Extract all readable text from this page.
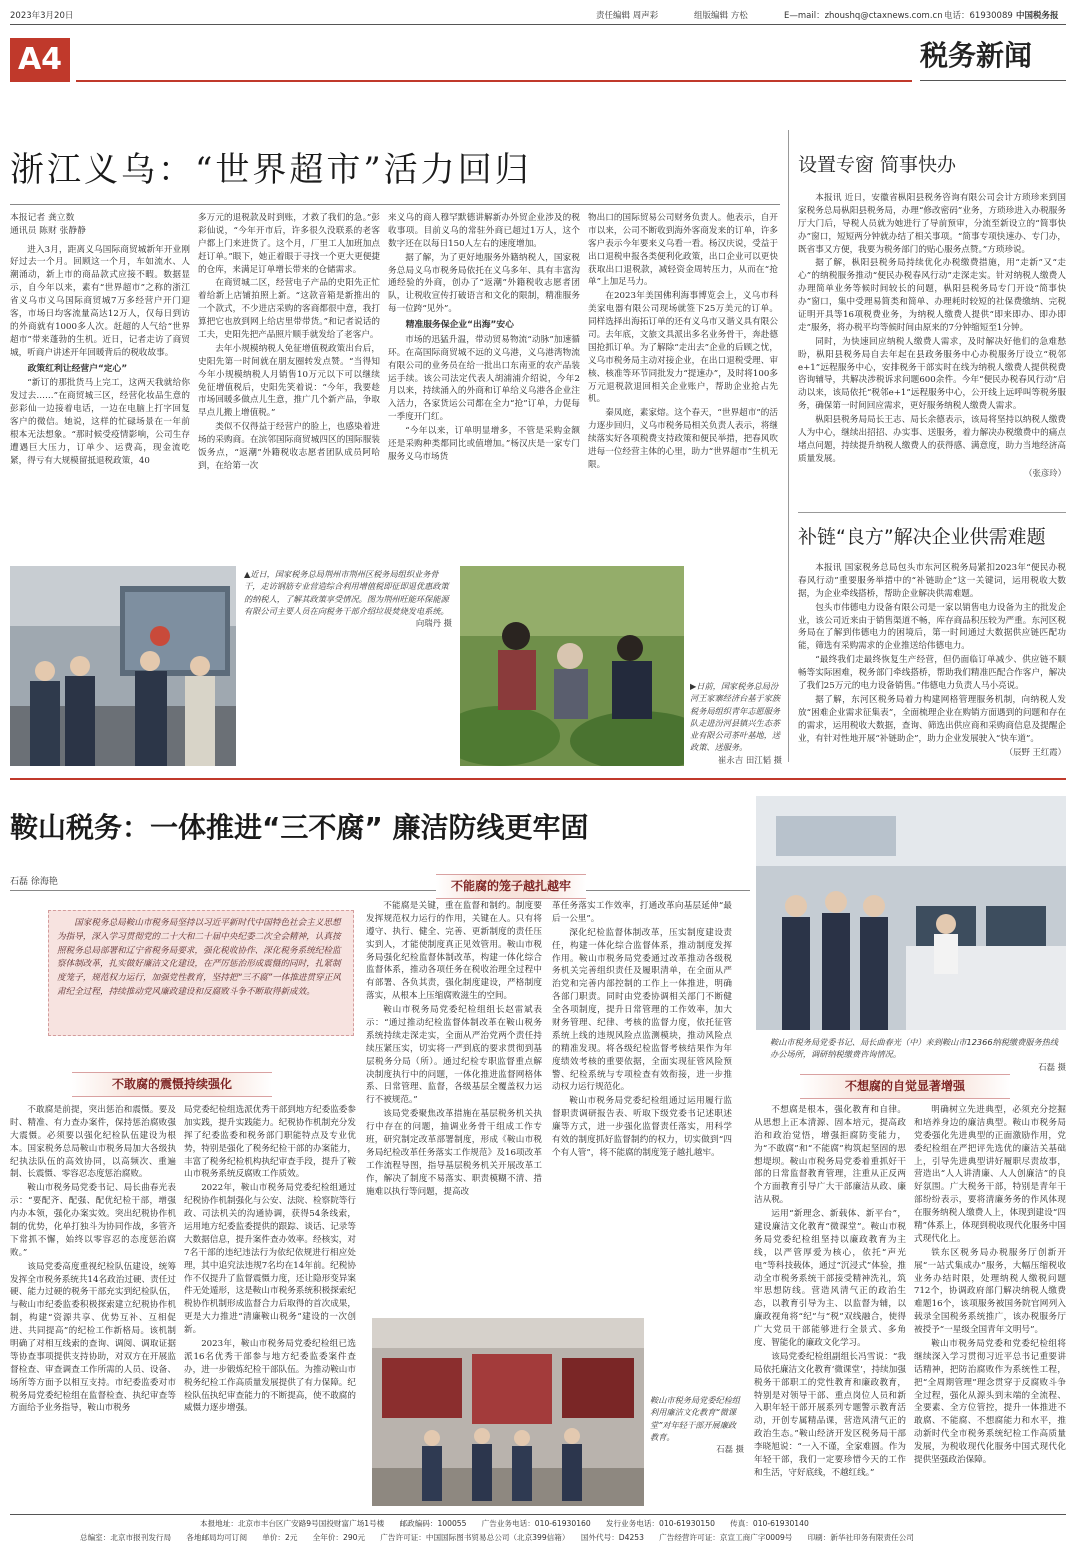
2023年3月20日	责任编辑 周声彩	组版编辑 方松	E—mail：zhoushq@ctaxnews.com.cn 电话：61930089 中国税务报
A4	税务新闻
浙江义乌：“世界超市”活力回归
本报记者 龚立数
通讯员 陈财 张静静

进入3月，距离义乌国际商贸城新年开业刚好过去一个月。回顾这一个月，车如流水、人潮涌动，新上市的商品款式应接不暇。数据显示，自今年以来，素有“世界超市”之称的浙江省义乌市义乌国际商贸城7万多经营户开门迎客，市场日均客流量高达12万人，仅每日到访的外商就有1000多人次。赶超的人气给“世界超市”带来蓬勃的生机。近日，记者走访了商贸城，听商户讲述开年回暖背后的税收故事。

政策红利让经营户“定心”

“新订的那批货马上完工，这两天我就给你发过去……”在商贸城三区，经营化妆品生意的彭彩仙一边接着电话，一边在电脑上打字回复客户的微信。她说，这样的忙碌场景在一年前根本无法想象。“那时候受疫情影响，公司生存遭遇巨大压力，订单少、运费高，现金流吃紧，得亏有大规模留抵退税政策，40

多万元的退税款及时到账，才救了我们的急。”彭彩仙说，“今年开市后，许多很久没联系的老客户都上门来进货了。这个月，厂里工人加班加点赶订单。”眼下，她正着眼于寻找一个更大更便捷的仓库，来满足订单增长带来的仓储需求。

在商贸城二区，经营电子产品的史阳先正忙着给新上店铺拍照上新。“这款音箱是新推出的一个款式，不少进店采购的客商都很中意，我打算把它也放到网上给店里带带货。”和记者说话的工夫，史阳先把产品照片顺手就发给了老客户。

去年小规模纳税人免征增值税政策出台后，史阳先第一时间就在朋友圈转发点赞。“当得知今年小规模纳税人月销售10万元以下可以继续免征增值税后，史阳先笑着说：“今年，我要趁市场回暖多做点儿生意，推广几个新产品，争取早点儿搬上增值税。”

类似不仅得益于经营户的脸上，也感染着进场的采购商。在滨邻国际商贸城四区的国际服装饭务点，“返潮”外籍税收志愿者团队成员阿哈到，在给第一次

来义乌的商人穆罕默德讲解新办外贸企业涉及的税收事项。目前义乌的常驻外商已超过1万人，这个数字还在以每日150人左右的速度增加。

据了解，为了更好地服务外籍纳税人，国家税务总局义乌市税务局依托在义乌多年、具有丰富沟通经验的外商，创办了“返潮”外籍税收志愿者团队，让税收宣传打破语言和文化的限制，精准服务每一位跨“见外”。

精准服务保企业“出海”安心

市场的迅猛升温，带动贸易物流“动脉”加速循环。在高国际商贸城不远的义乌港，义乌港湾物流有限公司的业务员在给一批出口东南亚的农产品装运手续。该公司法定代表人胡浦浦介绍说，今年2月以来，持续涌入的外商和订单给义乌港各企业注入活力，各家货运公司都在全力“抢”订单，力促每一季度开门红。

“今年以来，订单明显增多，不管是采购金额还是采购种类都同比或值增加。”杨汉庆是一家专门服务义乌市场货

物出口的国际贸易公司财务负责人。他表示，自开市以来，公司不断收到海外客商发来的订单，许多客户表示今年要来义乌看一看。杨汉庆说，受益于出口退税申报各类便利化政策，出口企业可以更快获取出口退税款，减轻资金周转压力，从而在“抢单”上加足马力。

在2023年美国佛利海事博览会上，义乌市科美家电器有限公司现场就签下25万美元的订单。同样选择出海拓订单的还有义乌市又谐义具有限公司。去年底，文旅文具派出多名业务骨干，奔赴德国抢抓订单。为了解除“走出去”企业的后顾之忧，义乌市税务局主动对接企业，在出口退税受理、审核、核准等环节同批发力“提速办”，及时将100多万元退税款退回相关企业账户，帮助企业抢占先机。

秦凤庭，素家熔。这个春天，“世界超市”的活力逐步回归，义乌市税务局相关负责人表示，将继续落实好各项税费支持政策和便民举措，把春风吹进每一位经营主体的心里，助力“世界超市”生机无限。

▲近日，国家税务总局荆州市荆州区税务局组织业务骨干，走访钢筋专业营造综合利用增值税即征即退优惠政策的纳税人，了解其政策享受情况。图为荆州旺能环保能源有限公司主要人员在向税务干部介绍垃圾焚烧发电系统。
向瑞丹 摄
▶日前，国家税务总局汾河王家寨经济台基于家族税务局组织青年志愿服务队走进汾河县镇兴生态茶业有限公司茶叶基地，送政策、送服务。
崔永吉 田江韬 摄
设置专窗 简事快办

本报讯 近日，安徽省枞阳县税务咨询有限公司会计方琐珍来到国家税务总局枞阳县税务局，办理“修改密码”业务，方琐珍进入办税服务厅大门后，导税人员就为她进行了导前预审，分流至新设立的“简事快办”窗口，短短两分钟就办结了相关事项。“简事专项快速办、专门办，既省事又方便，我要为税务部门的贴心服务点赞。”方琐珍说。

据了解，枞阳县税务局持续优化办税缴费措施，用“走新”又“走心”的纳税服务推动“便民办税春风行动”走深走实。针对纳税人缴费人办理简单业务等候时间较长的问题，枞阳县税务局专门开设“简事快办”窗口，集中受理易简类和简单、办理耗时较短的社保费缴纳、完税证明开具等16项税费业务，为纳税人缴费人提供“即来即办、即办即走”服务，将办税平均等候时间由原来的7分钟缩短至1分钟。

同时，为快速回应纳税人缴费人需求，及时解决好他们的急难愁盼，枞阳县税务局自去年起在县政务服务中心办税服务厅设立“税邻e+1”远程服务中心，安排税务干部实时在线为纳税人缴费人提供税费咨询辅导，共解决涉税诉求问题600余件。今年“便民办税春风行动”启动以来，该局依托“税邻e+1”远程服务中心，公开线上远呼叫等税务服务，确保第一时间回应需求，更好服务纳税人缴费人需求。

枞阳县税务局局长王志、局长余德表示，该局将坚持以纳税人缴费人为中心，继续出招招、办实事、送服务，着力解决办税缴费中的痛点堵点问题，持续提升纳税人缴费人的获得感、满意度，助力当地经济高质量发展。

（张彦玲）
补链“良方”解决企业供需难题

本报讯 国家税务总局包头市东河区税务局紧扣2023年“便民办税春风行动”重要服务举措中的“补链助企”这一关键词，运用税收大数据，为企业牵线搭桥，帮助企业解决供需难题。

包头市伟德电力设备有限公司是一家以销售电力设备为主的批发企业，该公司近来由于销售渠道不畅，库存商品积压较为严重。东河区税务局在了解到伟德电力的困境后，第一时间通过大数据供应链匹配功能，筛选有采购需求的企业推送给伟德电力。

“最终我们走最终恢复生产经营，但仍面临订单减少、供应链不顺畅等实际困难，税务部门牵线搭桥，帮助我们精准匹配合作客户，解决了我们25万元的电力设备销售。”伟德电力负责人马小亮说。

据了解，东河区税务局着力构建网格管理服务机制，向纳税人发放“困难企业需求征集表”，全面梳理企业在购销方面遇到的问题和存在的需求，运用税收大数据，查询、筛选出供应商和采购商信息及提醒企业，有针对性地开展“补链助企”，助力企业发展驶入“快车道”。

（辰野 王红霞）
鞍山税务：一体推进“三不腐” 廉洁防线更牢固
石磊 徐海艳	不能腐的笼子越扎越牢
国家税务总局鞍山市税务局坚持以习近平新时代中国特色社会主义思想为指导，深入学习贯彻党的二十大和二十届中央纪委二次全会精神，认真按照税务总局部署和辽宁省税务局要求，强化税收协作、深化税务系统纪检监察体制改革，扎实做好廉洁文化建设，在严厉惩治形成震慑的同时，扎紧制度笼子，规范权力运行，加强党性教育，坚持把“三不腐”一体推进贯穿正风肃纪全过程，持续推动党风廉政建设和反腐败斗争不断取得新成效。
不敢腐的震慑持续强化

不敢腐是前提，突出惩治和震慑。要及时、精准、有力查办案件，保持惩治腐败强大震慑。必须要以强化纪检队伍建设为根本。国家税务总局鞍山市税务局加大各级执纪执法队伍的高效协同，以高频次、重遍制、长震慑、零容忍态度惩治腐败。

鞍山市税务局党委书记、局长曲春光表示：“要配齐、配强、配优纪检干部，增强内办本领，强化办案实效。突出纪税协作机制的优势，化单打独斗为协同作战，多管齐下常抓不懈，始终以零容忍的态度惩治腐败。”

该局党委高度重视纪检队伍建设，统筹发挥全市税务系统共14名政治过硬、责任过硬、能力过硬的税务干部充实到纪检队伍，与鞍山市纪委监委积极探索建立纪税协作机制，构建“资源共享、优势互补、互相促进、共同提高”的纪检工作新格局。该机制明确了对相互线索的查询、调阅、调取证据等协查事项提供支持协助，对双方在开展监督检查、审查调查工作所需的人员、设备、场所等方面予以相互支持。市纪委监委对市税务局党委纪检组在监督检查、执纪审查等方面给予业务指导，鞍山市税务

局党委纪检组选派优秀干部到地方纪委监委参加实践，提升实践能力。纪税协作机制充分发挥了纪委监委和税务部门职能特点及专业优势，特别是强化了税务纪检干部的办案能力，丰富了税务纪检机构执纪审查手段，提升了鞍山市税务系统反腐败工作质效。

2022年，鞍山市税务局党委纪检组通过纪税协作机制强化与公安、法院、检察院等行政、司法机关的沟通协调，获得54条线索，运用地方纪委监委提供的跟踪、谈话、记录等大数据信息，提升案件查办效率。经核实，对7名干部的违纪违法行为依纪依规进行相应处理，其中追究法违规7名均在14年前。纪税协作不仅提升了监督震慑力度，还让隐形变异案件无处遁形，这是鞍山市税务系统积极探索纪税协作机制形成监督合力后取得的首次成果，更是大力推进“清廉鞍山税务”建设的一次创新。

2023年，鞍山市税务局党委纪检组已选派16名优秀干部参与地方纪委监委案件查办，进一步锻炼纪检干部队伍。为推动鞍山市税务纪检工作高质量发展提供了有力保障。纪检队伍执纪审查能力的不断提高，使不敢腐的威慑力逐步增强。

不能腐是关键，重在监督和制约。制度要发挥规范权力运行的作用，关键在人。只有将遵守、执行、健全、完善、更新制度的责任压实到人，才能使制度真正见效管用。鞍山市税务局强化纪检监督体制改革，构建一体化综合监督体系，推动各项任务在税收治理全过程中有部署、各负其责，强化制度建设，严格制度落实，从根本上压缩腐败滋生的空间。

鞍山市税务局党委纪检组组长赵雷斌表示：“通过推动纪检监督体制改革在鞍山税务系统持续走深走实，全面从严治党两个责任持续压紧压实，切实将一严到底的要求贯彻到基层税务分局（所）。通过纪检专职监督重点解决制度执行中的问题，一体化推进监督网格体系、日常管理、监督，各级基层全覆盖权力运行不被规范。”

该局党委聚焦改革措施在基层税务机关执行中存在的问题，抽调业务骨干组成工作专班，研究制定改革部署制度，形成《鞍山市税务局纪检改革任务落实工作规范》及16项改革工作流程导图，指导基层税务机关开展改革工作，解决了制度不易落实、职责模糊不清、措施难以执行等问题，提高改

革任务落实工作效率，打通改革向基层延伸“最后一公里”。

深化纪检监督体制改革，压实制度建设责任，构建一体化综合监督体系，推动制度发挥作用。鞍山市税务局党委通过改革推动各级税务机关完善组织责任及履职清单，在全面从严治党和完善内部控制的工作上一体推进，明确各部门职责。同时由党委协调相关部门不断健全各项制度，提升日常管理的工作效率，加大财务管理、纪律、考核的监督力度，依托征管系统上线的违规风险点监测模块，推动风险点的精准发现。将各级纪检监督考核结果作为年度绩效考核的重要依据，全面实现征管风险预警、纪检系统与专项检查有效衔接，进一步推动权力运行规范化。

鞍山市税务局党委纪检组通过运用履行监督职责调研报告表、听取下级党委书记述职述廉等方式，进一步强化监督责任落实，用科学有效的制度抓好监督制约的权力，切实做到“四个有人管”，将不能腐的制度笼子越扎越牢。

鞍山市税务局党委纪检组利用廉洁文化教育“微课堂”对年轻干部开展廉政教育。
石磊 摄
鞍山市税务局党委书记、局长曲春光（中）来到鞍山市12366纳税缴费服务热线办公场所，调研纳税缴费咨询情况。
石磊 摄
不想腐的自觉显著增强

不想腐是根本，强化教育和自律。从思想上正本清源、固本培元，提高政治和政治觉悟，增强拒腐防变能力，为“不敢腐”和“不能腐”构筑起坚固的思想堤坝。鞍山市税务局党委着重抓好干部的日常监督教育管理，注重从正反两个方面教育引导广大干部廉洁从政、廉洁从税。

运用“新理念、新载体、新平台”，建设廉洁文化教育“微课堂”。鞍山市税务局党委纪检组坚持以廉政教育为主线，以严管厚爱为核心，依托“声光电”等科技载体，通过“沉浸式”体验，推动全市税务系统干部接受精神洗礼，筑牢思想防线。营造风清气正的政治生态，以教育引导为主、以监督为辅，以廉政视角将“纪”与“税”双线融合，使得广大党员干部能够进行全景式、多角度、智能化的廉政文化学习。

该局党委纪检组副组长冯雪说：“我局依托廉洁文化教育‘微课堂’，持续加强税务干部职工的党性教育和廉政教育，特别是对领导干部、重点岗位人员和新入职年轻干部开展系列专题警示教育活动，开创专属精品课，营造风清气正的政治生态。”鞍山经济开发区税务局干部李晓旭说：“一入不谨，全家难圆。作为年轻干部，我们一定要珍惜今天的工作和生活，守好底线，不越红线。”

明确树立先进典型，必须充分挖掘和培养身边的廉洁典型。鞍山市税务局党委强化先进典型的正面激励作用，党委纪检组在严把评先选优的廉洁关基础上，引导先进典型讲好履职尽责故事，营造出“人人讲清廉、人人创廉洁”的良好氛围。广大税务干部，特别是青年干部纷纷表示，要将清廉务务的作风体现在服务纳税人缴费人上，体现到建设“四精”体系上，体现到税收现代化服务中国式现代化上。

铁东区税务局办税服务厅创新开展“一站式集成办”服务，大幅压缩税收业务办结时限，处理纳税人缴税问题712个，协调政府部门解决纳税人缴费难题16个，该项服务被国务院官网列入载录全国税务系统推广，该办税服务厅被授予“一星级全国青年文明号”。

鞍山市税务局党委和党委纪检组将继续深入学习贯彻习近平总书记重要讲话精神，把防治腐败作为系统性工程，把“全周期管理”理念贯穿于反腐败斗争全过程，强化从源头到末端的全流程、全要素、全方位管控，提升一体推进不敢腐、不能腐、不想腐能力和水平，推动新时代全市税务系统纪检工作高质量发展，为税收现代化服务中国式现代化提供坚强政治保障。

本报地址：北京市丰台区广安路9号国投财富广场1号楼　　邮政编码：100055　　广告业务电话：010-61930160　　发行业务电话：010-61930150　　传真：010-61930140
总编室：北京市报刊发行局　　各地邮局均可订阅　　单价：2元　　全年价：290元　　广告许可证：中国国际图书贸易总公司（北京399信箱）　　国外代号：D4253　　广告经营许可证：京宣工商广字0009号　　印刷：新华社印务有限责任公司
